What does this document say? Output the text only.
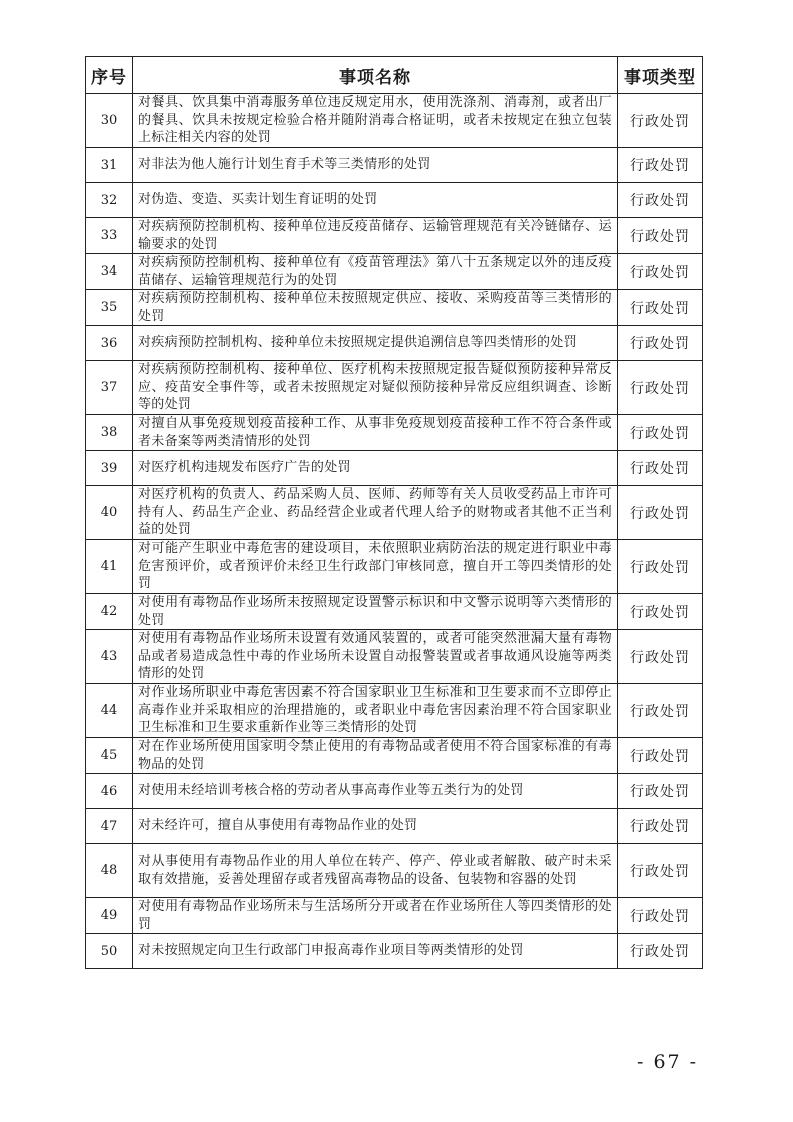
序号	事项名称	事项类型
30	对餐具、饮具集中消毒服务单位违反规定用水，使用洗涤剂、消毒剂，或者出厂的餐具、饮具未按规定检验合格并随附消毒合格证明，或者未按规定在独立包装上标注相关内容的处罚	行政处罚
31	对非法为他人施行计划生育手术等三类情形的处罚	行政处罚
32	对伪造、变造、买卖计划生育证明的处罚	行政处罚
33	对疾病预防控制机构、接种单位违反疫苗储存、运输管理规范有关冷链储存、运输要求的处罚	行政处罚
34	对疾病预防控制机构、接种单位有《疫苗管理法》第八十五条规定以外的违反疫苗储存、运输管理规范行为的处罚	行政处罚
35	对疾病预防控制机构、接种单位未按照规定供应、接收、采购疫苗等三类情形的处罚	行政处罚
36	对疾病预防控制机构、接种单位未按照规定提供追溯信息等四类情形的处罚	行政处罚
37	对疾病预防控制机构、接种单位、医疗机构未按照规定报告疑似预防接种异常反应、疫苗安全事件等，或者未按照规定对疑似预防接种异常反应组织调查、诊断等的处罚	行政处罚
38	对擅自从事免疫规划疫苗接种工作、从事非免疫规划疫苗接种工作不符合条件或者未备案等两类清情形的处罚	行政处罚
39	对医疗机构违规发布医疗广告的处罚	行政处罚
40	对医疗机构的负责人、药品采购人员、医师、药师等有关人员收受药品上市许可持有人、药品生产企业、药品经营企业或者代理人给予的财物或者其他不正当利益的处罚	行政处罚
41	对可能产生职业中毒危害的建设项目，未依照职业病防治法的规定进行职业中毒危害预评价，或者预评价未经卫生行政部门审核同意，擅自开工等四类情形的处罚	行政处罚
42	对使用有毒物品作业场所未按照规定设置警示标识和中文警示说明等六类情形的处罚	行政处罚
43	对使用有毒物品作业场所未设置有效通风装置的，或者可能突然泄漏大量有毒物品或者易造成急性中毒的作业场所未设置自动报警装置或者事故通风设施等两类情形的处罚	行政处罚
44	对作业场所职业中毒危害因素不符合国家职业卫生标准和卫生要求而不立即停止高毒作业并采取相应的治理措施的，或者职业中毒危害因素治理不符合国家职业卫生标准和卫生要求重新作业等三类情形的处罚	行政处罚
45	对在作业场所使用国家明令禁止使用的有毒物品或者使用不符合国家标准的有毒物品的处罚	行政处罚
46	对使用未经培训考核合格的劳动者从事高毒作业等五类行为的处罚	行政处罚
47	对未经许可，擅自从事使用有毒物品作业的处罚	行政处罚
48	对从事使用有毒物品作业的用人单位在转产、停产、停业或者解散、破产时未采取有效措施，妥善处理留存或者残留高毒物品的设备、包装物和容器的处罚	行政处罚
49	对使用有毒物品作业场所未与生活场所分开或者在作业场所住人等四类情形的处罚	行政处罚
50	对未按照规定向卫生行政部门申报高毒作业项目等两类情形的处罚	行政处罚
- 67 -
